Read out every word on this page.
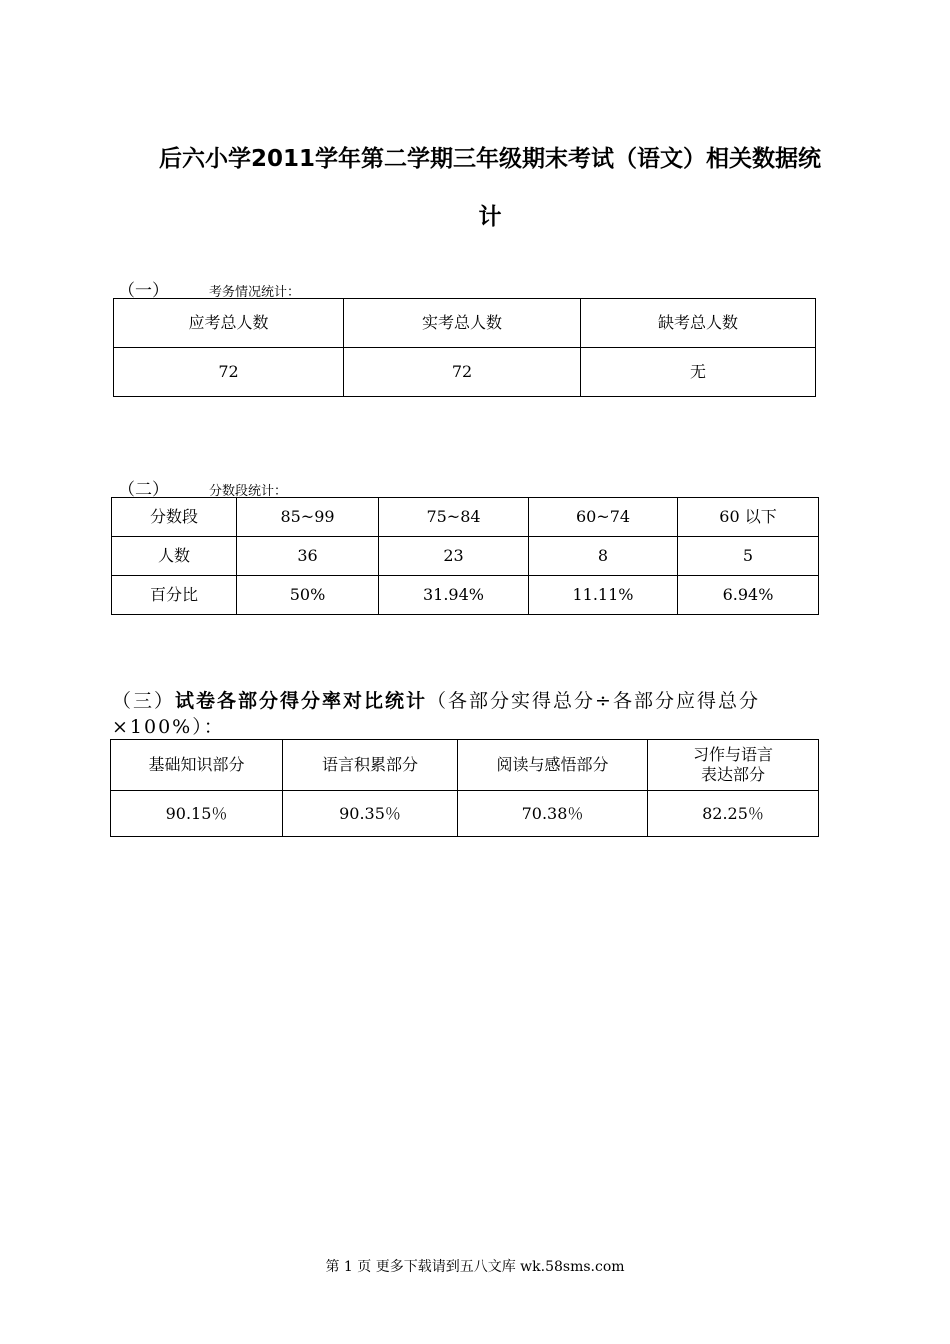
后六小学2011学年第二学期三年级期末考试（语文）相关数据统
计
（一）	考务情况统计：
应考总人数	实考总人数	缺考总人数
72	72	无
（二）	分数段统计：
分数段	85~99	75~84	60~74	60 以下
人数	36	23	8	5
百分比	50%	31.94%	11.11%	6.94%
（三）试卷各部分得分率对比统计（各部分实得总分÷各部分应得总分
×100%）：
基础知识部分	语言积累部分	阅读与感悟部分	习作与语言
表达部分

90.15％	90.35％	70.38％	82.25％
第 1 页 更多下载请到五八文库 wk.58sms.com
